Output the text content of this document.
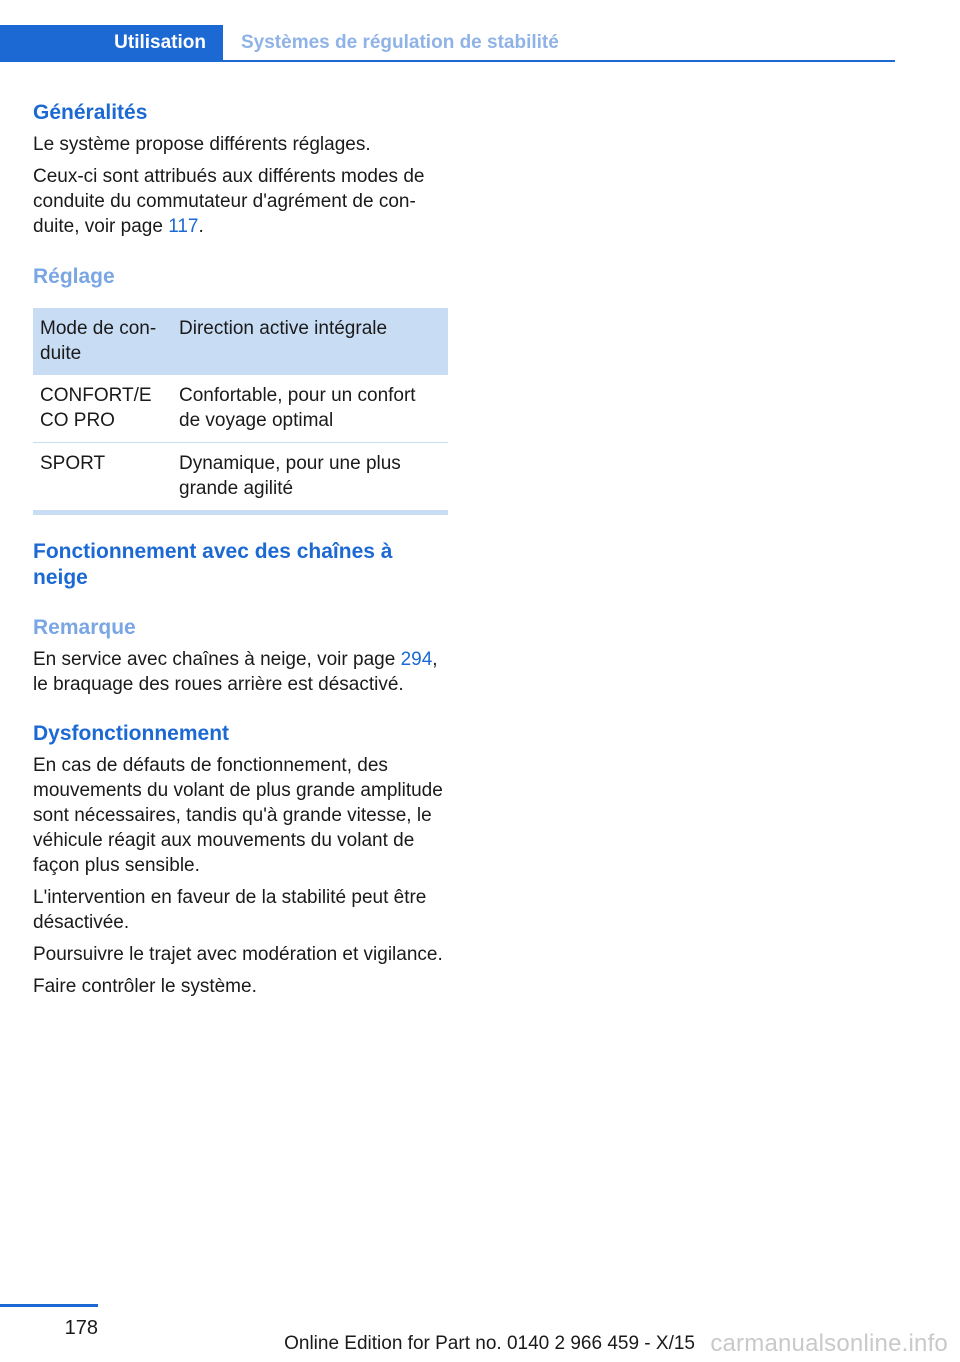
Utilisation	Systèmes de régulation de stabilité
Généralités

Le système propose différents réglages.

Ceux-ci sont attribués aux différents modes de conduite du commutateur d'agrément de conduite, voir page 117.

Réglage
Mode de conduite	Direction active intégrale
CONFORT/E CO PRO	Confortable, pour un confort de voyage optimal
SPORT	Dynamique, pour une plus grande agilité
Fonctionnement avec des chaînes à neige
Remarque

En service avec chaînes à neige, voir page 294, le braquage des roues arrière est désactivé.

Dysfonctionnement

En cas de défauts de fonctionnement, des mouvements du volant de plus grande amplitude sont nécessaires, tandis qu'à grande vitesse, le véhicule réagit aux mouvements du volant de façon plus sensible.

L'intervention en faveur de la stabilité peut être désactivée.

Poursuivre le trajet avec modération et vigilance.

Faire contrôler le système.

178
Online Edition for Part no. 0140 2 966 459 - X/15 carmanualsonline.info
